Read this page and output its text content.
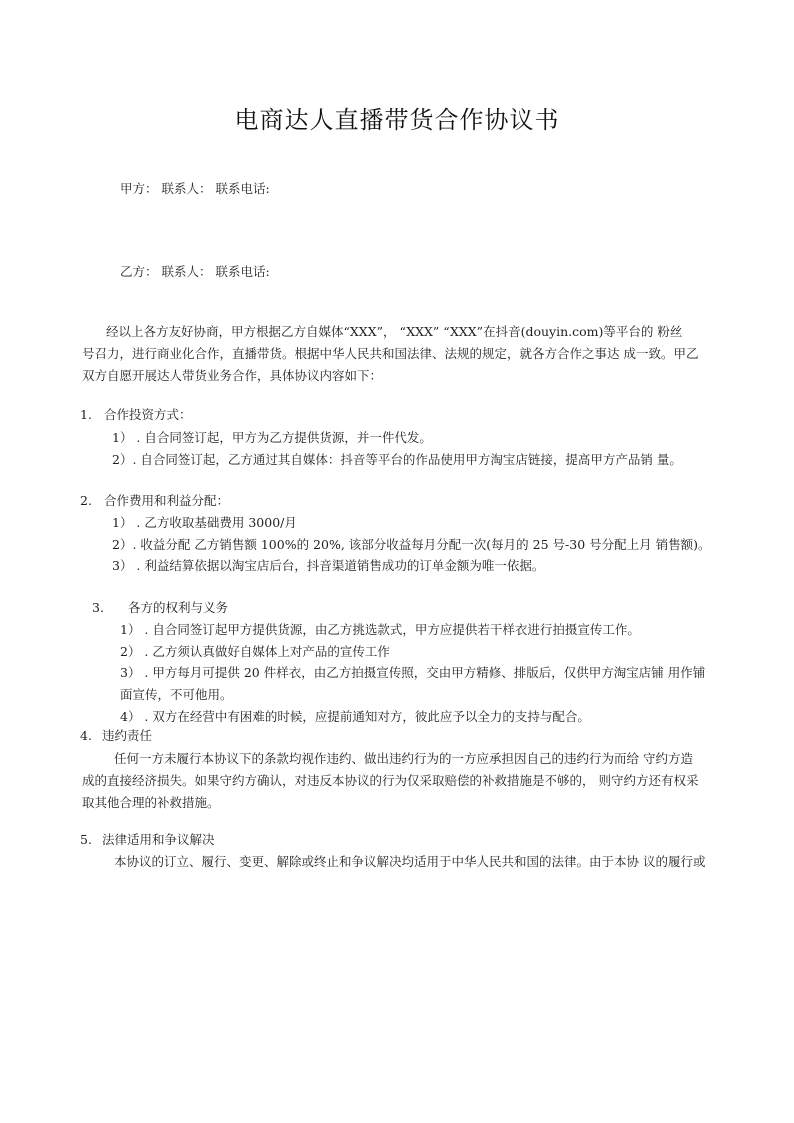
电商达人直播带货合作协议书
甲方： 联系人： 联系电话:
乙方： 联系人： 联系电话:
经以上各方友好协商，甲方根据乙方自媒体“XXX”， “XXX” “XXX”在抖音(douyin.com)等平台的 粉丝
号召力，进行商业化合作，直播带货。根据中华人民共和国法律、法规的规定，就各方合作之事达 成一致。甲乙
双方自愿开展达人带货业务合作，具体协议内容如下：
1. 合作投资方式：
1） . 自合同签订起，甲方为乙方提供货源，并一件代发。
2）. 自合同签订起，乙方通过其自媒体：抖音等平台的作品使用甲方淘宝店链接，提高甲方产品销 量。
2. 合作费用和利益分配：
1） . 乙方收取基础费用 3000/月
2）. 收益分配 乙方销售额 100%的 20%, 该部分收益每月分配一次(每月的 25 号-30 号分配上月 销售额)。
3） . 利益结算依据以淘宝店后台，抖音渠道销售成功的订单金额为唯一依据。
3. 各方的权利与义务
1） . 自合同签订起甲方提供货源，由乙方挑选款式，甲方应提供若干样衣进行拍摄宣传工作。
2） . 乙方须认真做好自媒体上对产品的宣传工作
3） . 甲方每月可提供 20 件样衣，由乙方拍摄宣传照，交由甲方精修、排版后，仅供甲方淘宝店铺 用作铺
面宣传，不可他用。
4） . 双方在经营中有困难的时候，应提前通知对方，彼此应予以全力的支持与配合。
4. 违约责任
任何一方未履行本协议下的条款均视作违约、做出违约行为的一方应承担因自己的违约行为而给 守约方造
成的直接经济损失。如果守约方确认，对违反本协议的行为仅采取赔偿的补救措施是不够的， 则守约方还有权采
取其他合理的补救措施。
5. 法律适用和争议解决
本协议的订立、履行、变更、解除或终止和争议解决均适用于中华人民共和国的法律。由于本协 议的履行或
